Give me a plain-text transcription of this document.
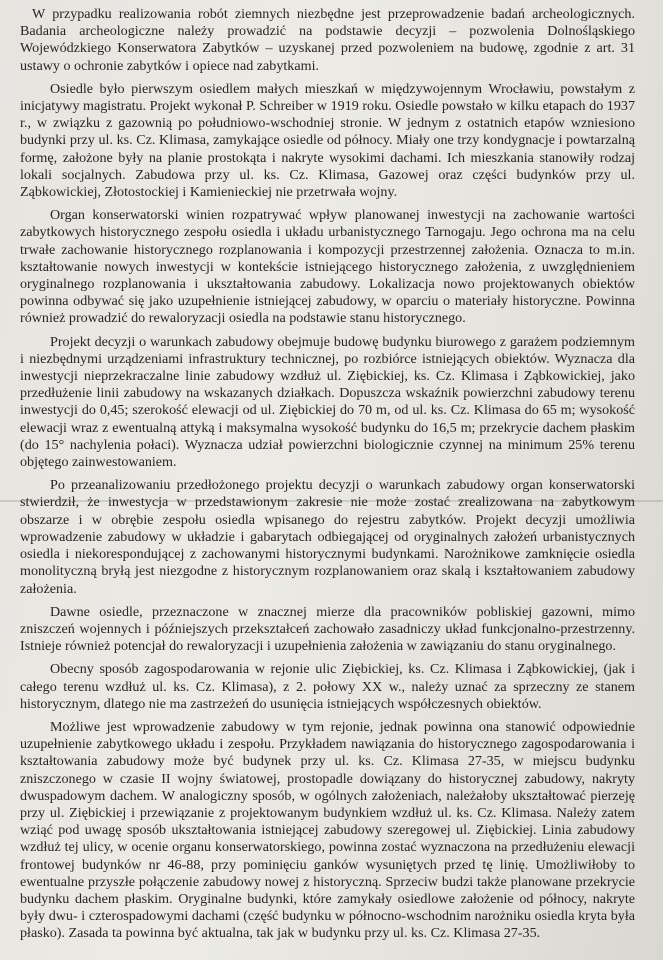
W przypadku realizowania robót ziemnych niezbędne jest przeprowadzenie badań archeologicznych. Badania archeologiczne należy prowadzić na podstawie decyzji – pozwolenia Dolnośląskiego Wojewódzkiego Konserwatora Zabytków – uzyskanej przed pozwoleniem na budowę, zgodnie z art. 31 ustawy o ochronie zabytków i opiece nad zabytkami.

Osiedle było pierwszym osiedlem małych mieszkań w międzywojennym Wrocławiu, powstałym z inicjatywy magistratu. Projekt wykonał P. Schreiber w 1919 roku. Osiedle powstało w kilku etapach do 1937 r., w związku z gazownią po południowo-wschodniej stronie. W jednym z ostatnich etapów wzniesiono budynki przy ul. ks. Cz. Klimasa, zamykające osiedle od północy. Miały one trzy kondygnacje i powtarzalną formę, założone były na planie prostokąta i nakryte wysokimi dachami. Ich mieszkania stanowiły rodzaj lokali socjalnych. Zabudowa przy ul. ks. Cz. Klimasa, Gazowej oraz części budynków przy ul. Ząbkowickiej, Złotostockiej i Kamienieckiej nie przetrwała wojny.

Organ konserwatorski winien rozpatrywać wpływ planowanej inwestycji na zachowanie wartości zabytkowych historycznego zespołu osiedla i układu urbanistycznego Tarnogaju. Jego ochrona ma na celu trwałe zachowanie historycznego rozplanowania i kompozycji przestrzennej założenia. Oznacza to m.in. kształtowanie nowych inwestycji w kontekście istniejącego historycznego założenia, z uwzględnieniem oryginalnego rozplanowania i ukształtowania zabudowy. Lokalizacja nowo projektowanych obiektów powinna odbywać się jako uzupełnienie istniejącej zabudowy, w oparciu o materiały historyczne. Powinna również prowadzić do rewaloryzacji osiedla na podstawie stanu historycznego.

Projekt decyzji o warunkach zabudowy obejmuje budowę budynku biurowego z garażem podziemnym i niezbędnymi urządzeniami infrastruktury technicznej, po rozbiórce istniejących obiektów. Wyznacza dla inwestycji nieprzekraczalne linie zabudowy wzdłuż ul. Ziębickiej, ks. Cz. Klimasa i Ząbkowickiej, jako przedłużenie linii zabudowy na wskazanych działkach. Dopuszcza wskaźnik powierzchni zabudowy terenu inwestycji do 0,45; szerokość elewacji od ul. Ziębickiej do 70 m, od ul. ks. Cz. Klimasa do 65 m; wysokość elewacji wraz z ewentualną attyką i maksymalna wysokość budynku do 16,5 m; przekrycie dachem płaskim (do 15° nachylenia połaci). Wyznacza udział powierzchni biologicznie czynnej na minimum 25% terenu objętego zainwestowaniem.

Po przeanalizowaniu przedłożonego projektu decyzji o warunkach zabudowy organ konserwatorski stwierdził, że inwestycja w przedstawionym zakresie nie może zostać zrealizowana na zabytkowym obszarze i w obrębie zespołu osiedla wpisanego do rejestru zabytków. Projekt decyzji umożliwia wprowadzenie zabudowy w układzie i gabarytach odbiegającej od oryginalnych założeń urbanistycznych osiedla i niekorespondującej z zachowanymi historycznymi budynkami. Narożnikowe zamknięcie osiedla monolityczną bryłą jest niezgodne z historycznym rozplanowaniem oraz skalą i kształtowaniem zabudowy założenia.

Dawne osiedle, przeznaczone w znacznej mierze dla pracowników pobliskiej gazowni, mimo zniszczeń wojennych i późniejszych przekształceń zachowało zasadniczy układ funkcjonalno-przestrzenny. Istnieje również potencjał do rewaloryzacji i uzupełnienia założenia w zawiązaniu do stanu oryginalnego.

Obecny sposób zagospodarowania w rejonie ulic Ziębickiej, ks. Cz. Klimasa i Ząbkowickiej, (jak i całego terenu wzdłuż ul. ks. Cz. Klimasa), z 2. połowy XX w., należy uznać za sprzeczny ze stanem historycznym, dlatego nie ma zastrzeżeń do usunięcia istniejących współczesnych obiektów.

Możliwe jest wprowadzenie zabudowy w tym rejonie, jednak powinna ona stanowić odpowiednie uzupełnienie zabytkowego układu i zespołu. Przykładem nawiązania do historycznego zagospodarowania i kształtowania zabudowy może być budynek przy ul. ks. Cz. Klimasa 27-35, w miejscu budynku zniszczonego w czasie II wojny światowej, prostopadle dowiązany do historycznej zabudowy, nakryty dwuspadowym dachem. W analogiczny sposób, w ogólnych założeniach, należałoby ukształtować pierzeję przy ul. Ziębickiej i przewiązanie z projektowanym budynkiem wzdłuż ul. ks. Cz. Klimasa. Należy zatem wziąć pod uwagę sposób ukształtowania istniejącej zabudowy szeregowej ul. Ziębickiej. Linia zabudowy wzdłuż tej ulicy, w ocenie organu konserwatorskiego, powinna zostać wyznaczona na przedłużeniu elewacji frontowej budynków nr 46-88, przy pominięciu ganków wysuniętych przed tę linię. Umożliwiłoby to ewentualne przyszłe połączenie zabudowy nowej z historyczną. Sprzeciw budzi także planowane przekrycie budynku dachem płaskim. Oryginalne budynki, które zamykały osiedlowe założenie od północy, nakryte były dwu- i czterospadowymi dachami (część budynku w północno-wschodnim narożniku osiedla kryta była płasko). Zasada ta powinna być aktualna, tak jak w budynku przy ul. ks. Cz. Klimasa 27-35.
